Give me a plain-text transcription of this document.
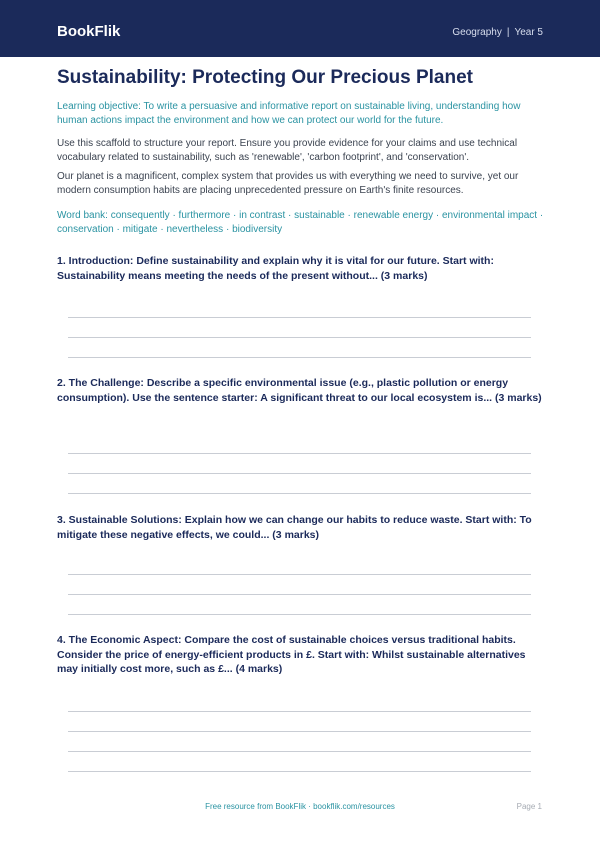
BookFlik	Geography | Year 5
Sustainability: Protecting Our Precious Planet

Learning objective: To write a persuasive and informative report on sustainable living, understanding how human actions impact the environment and how we can protect our world for the future.

Use this scaffold to structure your report. Ensure you provide evidence for your claims and use technical vocabulary related to sustainability, such as 'renewable', 'carbon footprint', and 'conservation'.

Our planet is a magnificent, complex system that provides us with everything we need to survive, yet our modern consumption habits are placing unprecedented pressure on Earth's finite resources.

Word bank: consequently · furthermore · in contrast · sustainable · renewable energy · environmental impact · conservation · mitigate · nevertheless · biodiversity

1. Introduction: Define sustainability and explain why it is vital for our future. Start with: Sustainability means meeting the needs of the present without... (3 marks)

2. The Challenge: Describe a specific environmental issue (e.g., plastic pollution or energy consumption). Use the sentence starter: A significant threat to our local ecosystem is... (3 marks)

3. Sustainable Solutions: Explain how we can change our habits to reduce waste. Start with: To mitigate these negative effects, we could... (3 marks)

4. The Economic Aspect: Compare the cost of sustainable choices versus traditional habits. Consider the price of energy-efficient products in £. Start with: Whilst sustainable alternatives may initially cost more, such as £... (4 marks)

Free resource from BookFlik · bookflik.com/resources	Page 1
